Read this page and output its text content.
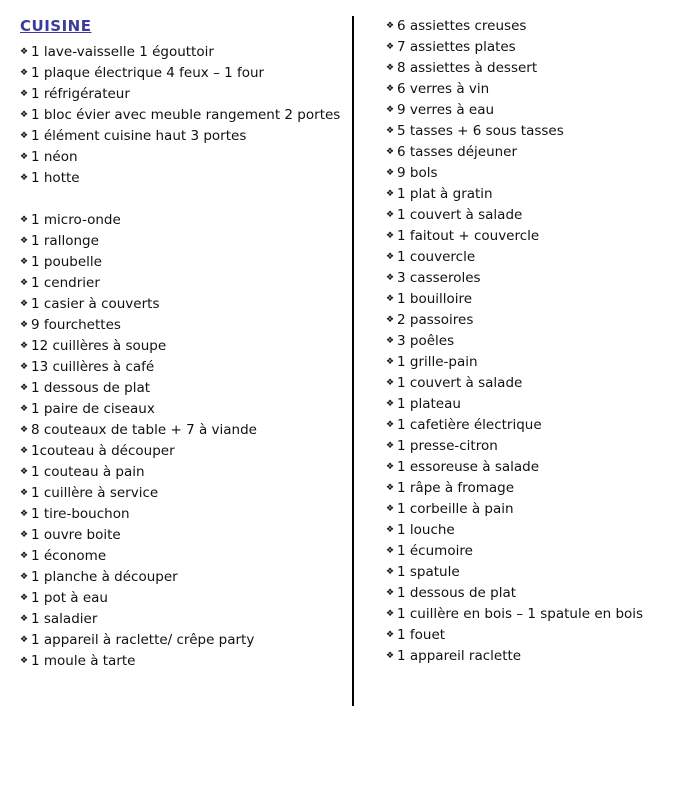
CUISINE
❖ 1 lave-vaisselle 1 égouttoir
❖ 1 plaque électrique 4 feux – 1 four
❖ 1 réfrigérateur
❖ 1 bloc évier avec meuble rangement 2 portes
❖ 1 élément cuisine haut 3 portes
❖ 1 néon
❖ 1 hotte
❖ 1 micro-onde
❖ 1 rallonge
❖ 1 poubelle
❖ 1 cendrier
❖ 1 casier à couverts
❖ 9 fourchettes
❖ 12 cuillères à soupe
❖ 13 cuillères à café
❖ 1 dessous de plat
❖ 1 paire de ciseaux
❖ 8 couteaux de table + 7 à viande
❖ 1couteau à découper
❖ 1 couteau à pain
❖ 1 cuillère à service
❖ 1 tire-bouchon
❖ 1 ouvre boite
❖ 1 économe
❖ 1 planche à découper
❖ 1 pot à eau
❖ 1 saladier
❖ 1 appareil à raclette/ crêpe party
❖ 1 moule à tarte
❖ 6 assiettes creuses
❖ 7 assiettes plates
❖ 8 assiettes à dessert
❖ 6 verres à vin
❖ 9 verres à eau
❖ 5 tasses + 6 sous tasses
❖ 6 tasses déjeuner
❖ 9 bols
❖ 1 plat à gratin
❖ 1 couvert à salade
❖ 1 faitout + couvercle
❖ 1 couvercle
❖ 3 casseroles
❖ 1 bouilloire
❖ 2 passoires
❖ 3 poêles
❖ 1 grille-pain
❖ 1 couvert à salade
❖ 1 plateau
❖ 1 cafetière électrique
❖ 1 presse-citron
❖ 1 essoreuse à salade
❖ 1 râpe à fromage
❖ 1 corbeille à pain
❖ 1 louche
❖ 1 écumoire
❖ 1 spatule
❖ 1 dessous de plat
❖ 1 cuillère en bois – 1 spatule en bois
❖ 1 fouet
❖ 1 appareil raclette
